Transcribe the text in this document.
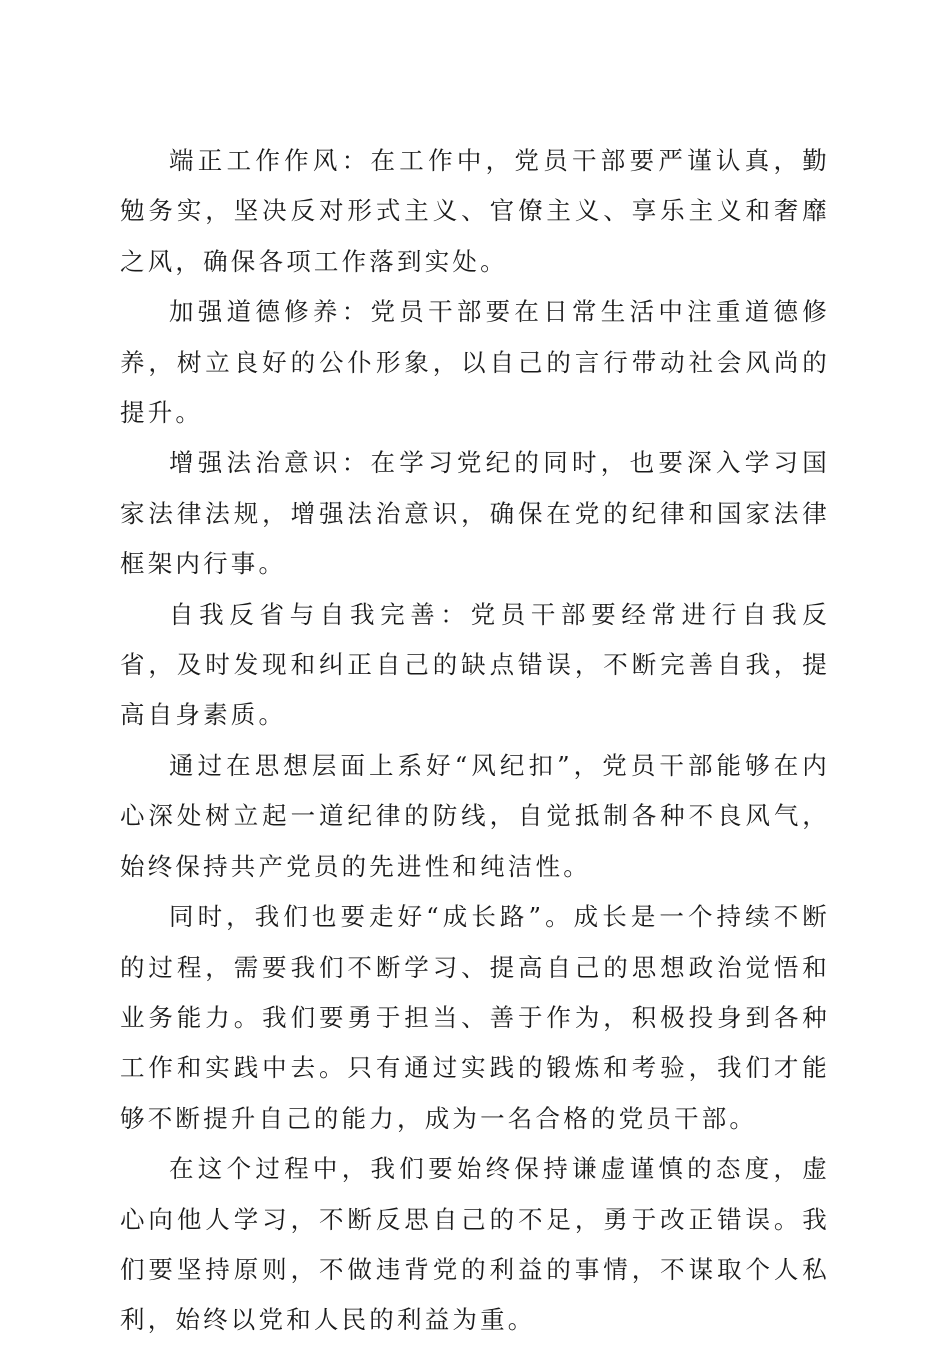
端正工作作风：在工作中，党员干部要严谨认真，勤勉务实，坚决反对形式主义、官僚主义、享乐主义和奢靡之风，确保各项工作落到实处。

加强道德修养：党员干部要在日常生活中注重道德修养，树立良好的公仆形象，以自己的言行带动社会风尚的提升。

增强法治意识：在学习党纪的同时，也要深入学习国家法律法规，增强法治意识，确保在党的纪律和国家法律框架内行事。

自我反省与自我完善：党员干部要经常进行自我反省，及时发现和纠正自己的缺点错误，不断完善自我，提高自身素质。

通过在思想层面上系好“风纪扣”，党员干部能够在内心深处树立起一道纪律的防线，自觉抵制各种不良风气，始终保持共产党员的先进性和纯洁性。

同时，我们也要走好“成长路”。成长是一个持续不断的过程，需要我们不断学习、提高自己的思想政治觉悟和业务能力。我们要勇于担当、善于作为，积极投身到各种工作和实践中去。只有通过实践的锻炼和考验，我们才能够不断提升自己的能力，成为一名合格的党员干部。

在这个过程中，我们要始终保持谦虚谨慎的态度，虚心向他人学习，不断反思自己的不足，勇于改正错误。我们要坚持原则，不做违背党的利益的事情，不谋取个人私利，始终以党和人民的利益为重。
